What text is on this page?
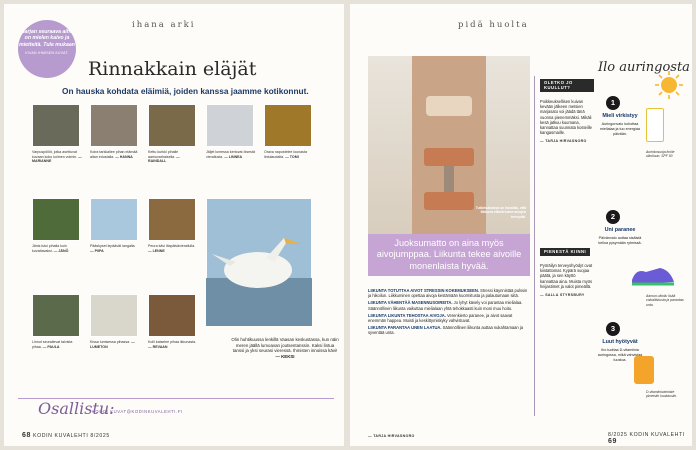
ihana arki
Sarjan seuraava aihe on mielen kaivo ja mietteitä. Tule mukaan
KIVAN IHMISEN KUVAT.
Rinnakkain eläjät
On hauska kohdata eläimiä, joiden kanssa jaamme kotikonnut.
Olin huhtikuussa lenkillä Vaasan keskustassa, kun näin meren jäällä lumoavan joutsentanssin. Kaksi lintua tanssi ja yksi seurasi vieressä. Ihmisten innoissa kävi! — KEKSI
Osallistu:
KOODI KUVAT@KODINKUVALEHTI.FI
68 KODIN KUVALEHTI 8/2025
Varpuspöllöt, jotka asettuvat kuvaan koko kolmen voimin. — MARIANNE
Koira tarkkailee pihan elämää aitan edustalla. — HANNA
Kettu kurkki pihalle aamuvarhaisella. — RAINDALL
Jäljet lumessa kertovat öisestä vierailusta. — LINNEA
Orava napostelee lounasta lintulaudalta. — TOMI
Jänis istui pihalla kuin kuvattavaksi. — JÄNÖ
Pääskyset lepäävät langalla. — PIIPA
Peura kävi iltapäivävierailulla. — LENNE
Linnut seurailevat talvista pihaa. — PAULA
Kissa lumisessa pihassa. — LUMETON
Kolli katselee pihaa ikkunasta. — REVAAN
pidä huolta
Tutkimuksissa on havaittu, että liikkuva elämä tukee aivojen terveyttä.
Juoksumatto on aina myös aivojumppaa. Liikunta tekee aivoille monenlaista hyvää.

LIIKUNTA TOTUTTAA AIVOT STRESSIN KOKEMUKSEEN. Stressi käynnistää pulssin ja hikoilun. Liikkuminen opettaa aivoja kestämään kuormitusta ja palautumaan siitä.

LIIKUNTA VÄHENTÄÄ MASENNUSOIREITA. Jo lyhyt kävely voi parantaa mielialaa. Säännöllinen liikunta vaikuttaa mielialaan yhtä tehokkaasti kuin moni muu hoito.

LIIKUNTA LIKUNTA TEHOSTAA AIVOJA. Verenkierto paranee, ja aivot saavat enemmän happea. Muisti ja keskittymiskyky vahvistuvat.

LIIKUNTA PARANTAA UNEN LAATUA. Säännöllinen liikunta auttaa nukahtamaan ja syventää unta.

— TARJA HIRVASNORO
OLETKO JO KUULLUT?
Poikkeuksellisen kuivan kevään jälkeen metsien marjasato voi jäädä tänä vuonna pienemmäksi. Mikäli kesä jatkuu kuumana, kannattaa suunnata kosteille kangasmaille.
— TARJA HIRVASNORO
PIENESTÄ KIINNI
Pyöräilyn terveyshyödyt ovat kiistattomat. Kypärä suojaa päätä, ja sen käyttö kannattaa aina. Muista myös heijastimet ja valot pimeällä.
— SALLA STYRSBURY
Ilo auringosta
Aurinkosuoja iholle ulkoiluun, SPF 50
Aamun ulkoilu lisää valoaltistusta ja parantaa unta.
D-vitamiinivalmiste pimeisiin kuukausiin.
8/2025 KODIN KUVALEHTI 69
1
Mieli virkistyy
Auringonvalo kohottaa mielialaa ja tuo energiaa päivään.
2
Uni paranee
Päivänvalo auttaa sisäistä kelloa pysymään rytmissä.
3
Luut hyötyvät
Iho tuottaa D-vitamiinia auringossa, mikä vahvistaa luustoa.
